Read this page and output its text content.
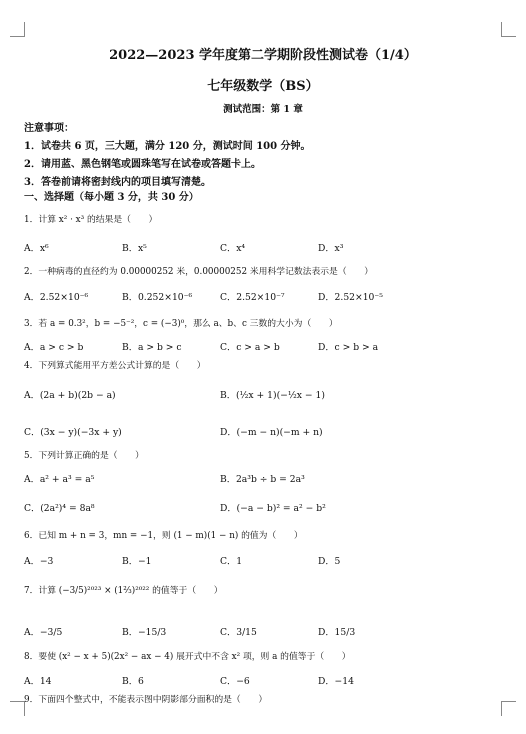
2022—2023 学年度第二学期阶段性测试卷（1/4）
七年级数学（BS）
测试范围：第 1 章
注意事项：
1．试卷共 6 页，三大题，满分 120 分，测试时间 100 分钟。
2．请用蓝、黑色钢笔或圆珠笔写在试卷或答题卡上。
3．答卷前请将密封线内的项目填写清楚。
一、选择题（每小题 3 分，共 30 分）
1．计算 x² · x³ 的结果是（　　）
A．x⁶	B．x⁵	C．x⁴	D．x³
2．一种病毒的直径约为 0.00000252 米，0.00000252 米用科学记数法表示是（　　）
A．2.52×10⁻⁶	B．0.252×10⁻⁶	C．2.52×10⁻⁷	D．2.52×10⁻⁵
3．若 a = 0.3²，b = −5⁻²，c = (−3)⁰，那么 a、b、c 三数的大小为（　　）
A．a > c > b	B．a > b > c	C．c > a > b	D．c > b > a
4．下列算式能用平方差公式计算的是（　　）
A．(2a + b)(2b − a)	B．(½x + 1)(−½x − 1)
C．(3x − y)(−3x + y)	D．(−m − n)(−m + n)
5．下列计算正确的是（　　）
A．a² + a³ = a⁵	B．2a³b ÷ b = 2a³
C．(2a²)⁴ = 8a⁸	D．(−a − b)² = a² − b²
6．已知 m + n = 3，mn = −1，则 (1 − m)(1 − n) 的值为（　　）
A．−3	B．−1	C．1	D．5
7．计算 (−3/5)²⁰²³ × (1⅔)²⁰²² 的值等于（　　）
A．−3/5	B．−15/3	C．3/15	D．15/3
8．要使 (x² − x + 5)(2x² − ax − 4) 展开式中不含 x² 项，则 a 的值等于（　　）
A．14	B．6	C．−6	D．−14
9．下面四个整式中，不能表示图中阴影部分面积的是（　　）
